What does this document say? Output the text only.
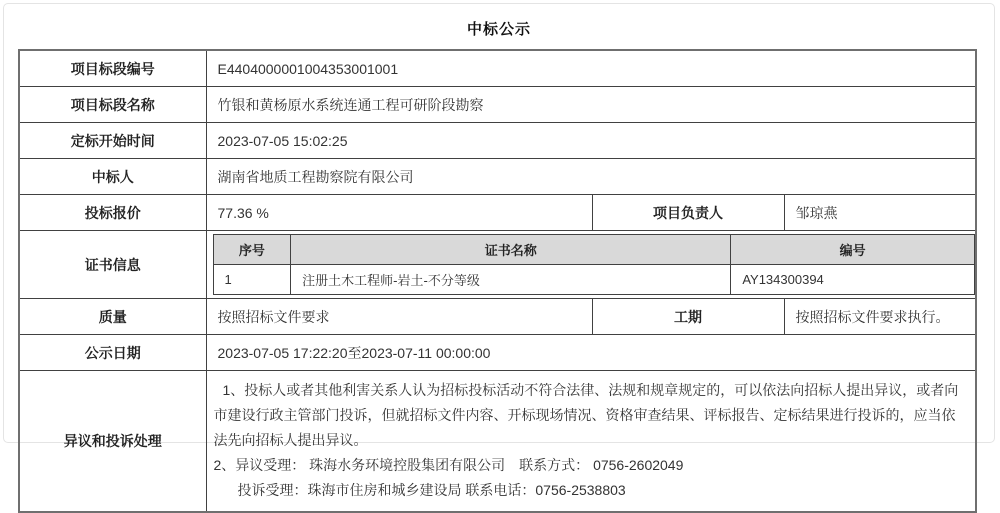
中标公示
项目标段编号	E4404000001004353001001
项目标段名称	竹银和黄杨原水系统连通工程可研阶段勘察
定标开始时间	2023-07-05 15:02:25
中标人	湖南省地质工程勘察院有限公司
投标报价	77.36 %	项目负责人	邹琼燕
证书信息	
序号	证书名称	编号
1	注册土木工程师-岩土-不分等级	AY134300394

质量	按照招标文件要求	工期	按照招标文件要求执行。
公示日期	2023-07-05 17:22:20至2023-07-11 00:00:00
异议和投诉处理	
1、投标人或者其他利害关系人认为招标投标活动不符合法律、法规和规章规定的，可以依法向招标人提出异议，或者向市建设行政主管部门投诉，但就招标文件内容、开标现场情况、资格审查结果、评标报告、定标结果进行投诉的，应当依法先向招标人提出异议。
2、异议受理： 珠海水务环境控股集团有限公司　联系方式： 0756-2602049
投诉受理：珠海市住房和城乡建设局 联系电话：0756-2538803
